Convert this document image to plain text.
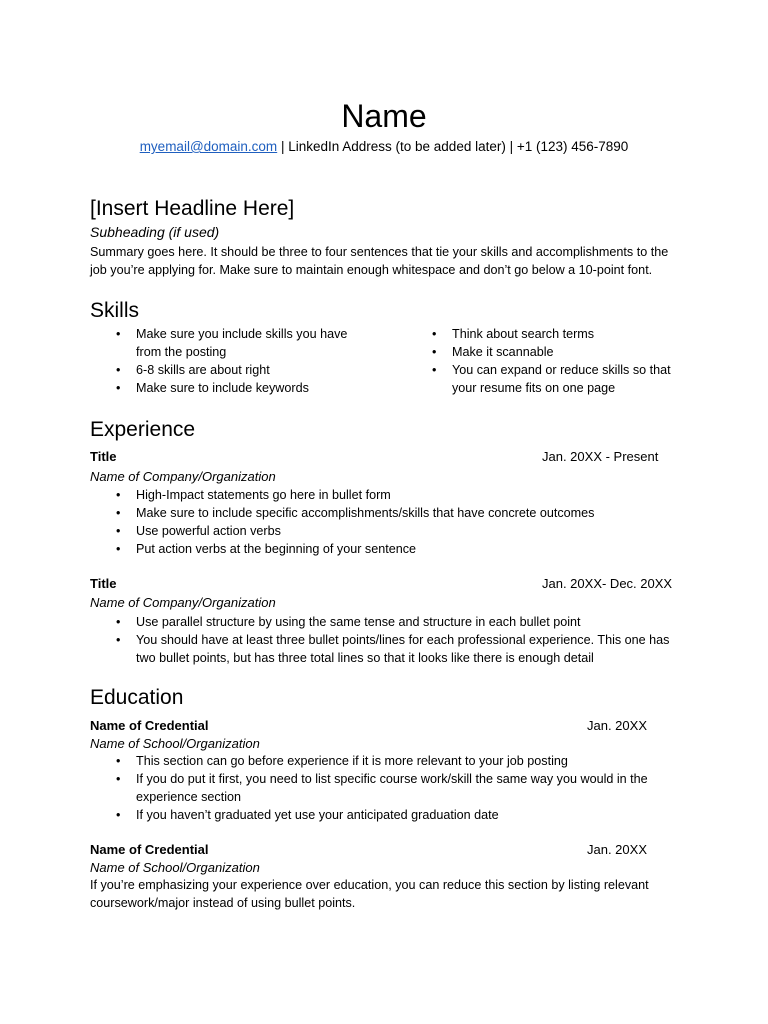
Name
myemail@domain.com | LinkedIn Address (to be added later) | +1 (123) 456-7890
[Insert Headline Here]
Subheading (if used)
Summary goes here. It should be three to four sentences that tie your skills and accomplishments to the
job you’re applying for. Make sure to maintain enough whitespace and don’t go below a 10-point font.
Skills
•	Make sure you include skills you have
from the posting
•	6-8 skills are about right
•	Make sure to include keywords
•	Think about search terms
•	Make it scannable
•	You can expand or reduce skills so that
your resume fits on one page
Experience
Title	Jan. 20XX - Present
Name of Company/Organization
•	High-Impact statements go here in bullet form
•	Make sure to include specific accomplishments/skills that have concrete outcomes
•	Use powerful action verbs
•	Put action verbs at the beginning of your sentence
Title	Jan. 20XX- Dec. 20XX
Name of Company/Organization
•	Use parallel structure by using the same tense and structure in each bullet point
•	You should have at least three bullet points/lines for each professional experience. This one has
two bullet points, but has three total lines so that it looks like there is enough detail
Education
Name of Credential	Jan. 20XX
Name of School/Organization
•	This section can go before experience if it is more relevant to your job posting
•	If you do put it first, you need to list specific course work/skill the same way you would in the
experience section
•	If you haven’t graduated yet use your anticipated graduation date
Name of Credential	Jan. 20XX
Name of School/Organization
If you’re emphasizing your experience over education, you can reduce this section by listing relevant
coursework/major instead of using bullet points.
